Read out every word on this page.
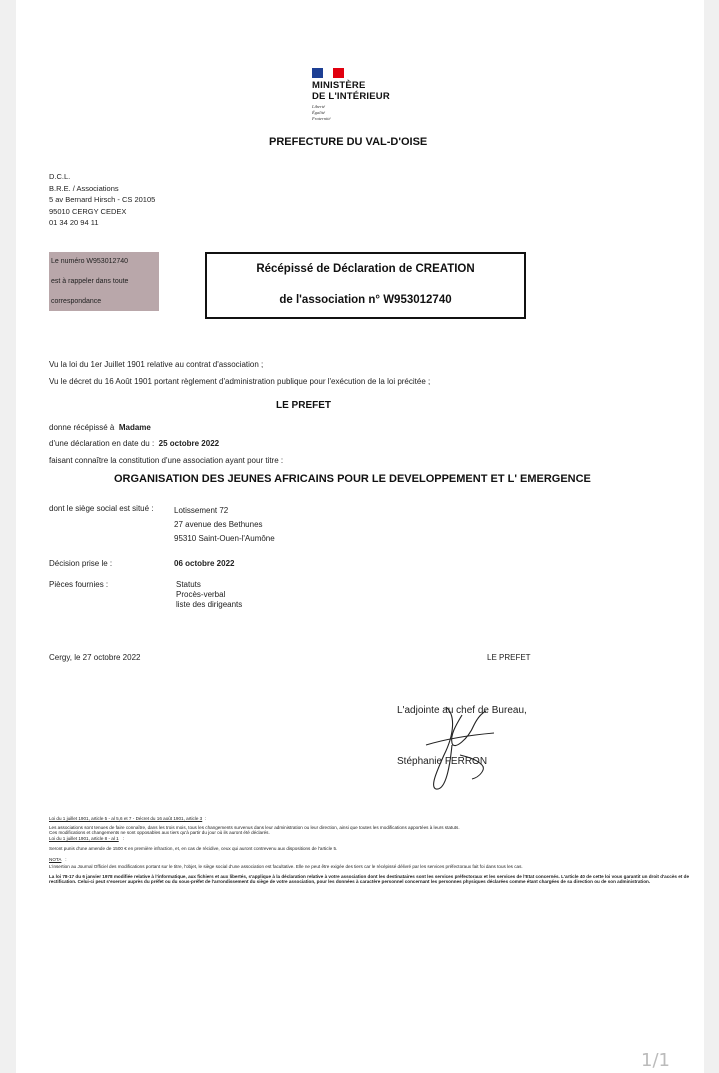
MINISTÈRE
DE L'INTÉRIEUR
Liberté
Égalité
Fraternité
PREFECTURE DU VAL-D'OISE
D.C.L.
B.R.E. / Associations
5 av Bernard Hirsch - CS 20105
95010 CERGY CEDEX
01 34 20 94 11
Le numéro W953012740
est à rappeler dans toute
correspondance
Récépissé de Déclaration de CREATION
de l'association n° W953012740
Vu la loi du 1er Juillet 1901 relative au contrat d'association ;
Vu le décret du 16 Août 1901 portant règlement d'administration publique pour l'exécution de la loi précitée ;
LE PREFET
donne récépissé à Madame
d'une déclaration en date du : 25 octobre 2022
faisant connaître la constitution d'une association ayant pour titre :
ORGANISATION DES JEUNES AFRICAINS POUR LE DEVELOPPEMENT ET L' EMERGENCE
dont le siège social est situé :	Lotissement 72
27 avenue des Bethunes
95310 Saint-Ouen-l'Aumône
Décision prise le :	06 octobre 2022
Pièces fournies :	Statuts
Procès-verbal
liste des dirigeants
Cergy, le 27 octobre 2022	LE PREFET
L'adjointe au chef de Bureau,
Stéphanie FERRON
Loi du 1 juillet 1901, article 5 - al 5,6 et 7 - Décret du 16 août 1901, article 3 :
Les associations sont tenues de faire connaître, dans les trois mois, tous les changements survenus dans leur administration ou leur direction, ainsi que toutes les modifications apportées à leurs statuts.
Ces modifications et changements ne sont opposables aux tiers qu'à partir du jour où ils auront été déclarés.
Loi du 1 juillet 1901, article 8 - al 1 :
Seront punis d'une amende de 1500 € en première infraction, et, en cas de récidive, ceux qui auront contrevenu aux dispositions de l'article 5.
NOTA :
L'insertion au Journal Officiel des modifications portant sur le titre, l'objet, le siège social d'une association est facultative. Elle ne peut être exigée des tiers car le récépissé délivré par les services préfectoraux fait foi dans tous les cas.
La loi 78-17 du 6 janvier 1978 modifiée relative à l'informatique, aux fichiers et aux libertés, s'applique à la déclaration relative à votre association dont les destinataires sont les services préfectoraux et les services de l'Etat concernés. L'article 40 de cette loi vous garantit un droit d'accès et de rectification. Celui-ci peut s'exercer auprès du préfet ou du sous-préfet de l'arrondissement du siège de votre association, pour les données à caractère personnel concernant les personnes physiques déclarées comme étant chargées de sa direction ou de son administration.
1/1
